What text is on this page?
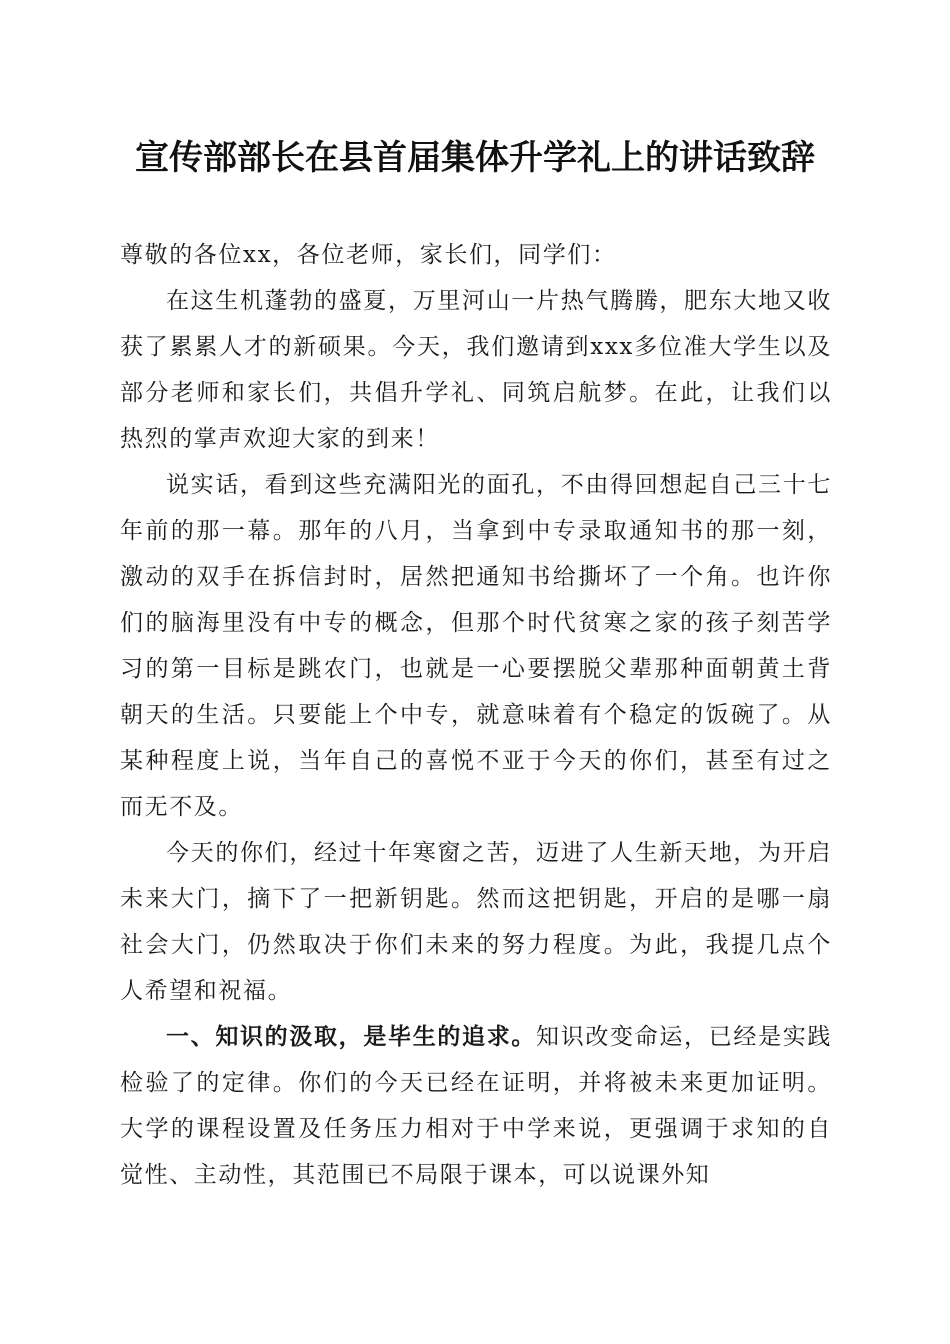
宣传部部长在县首届集体升学礼上的讲话致辞

尊敬的各位xx，各位老师，家长们，同学们：

在这生机蓬勃的盛夏，万里河山一片热气腾腾，肥东大地又收获了累累人才的新硕果。今天，我们邀请到xxx多位准大学生以及部分老师和家长们，共倡升学礼、同筑启航梦。在此，让我们以热烈的掌声欢迎大家的到来！

说实话，看到这些充满阳光的面孔，不由得回想起自己三十七年前的那一幕。那年的八月，当拿到中专录取通知书的那一刻，激动的双手在拆信封时，居然把通知书给撕坏了一个角。也许你们的脑海里没有中专的概念，但那个时代贫寒之家的孩子刻苦学习的第一目标是跳农门，也就是一心要摆脱父辈那种面朝黄土背朝天的生活。只要能上个中专，就意味着有个稳定的饭碗了。从某种程度上说，当年自己的喜悦不亚于今天的你们，甚至有过之而无不及。

今天的你们，经过十年寒窗之苦，迈进了人生新天地，为开启未来大门，摘下了一把新钥匙。然而这把钥匙，开启的是哪一扇社会大门，仍然取决于你们未来的努力程度。为此，我提几点个人希望和祝福。

一、知识的汲取，是毕生的追求。知识改变命运，已经是实践检验了的定律。你们的今天已经在证明，并将被未来更加证明。大学的课程设置及任务压力相对于中学来说，更强调于求知的自觉性、主动性，其范围已不局限于课本，可以说课外知
